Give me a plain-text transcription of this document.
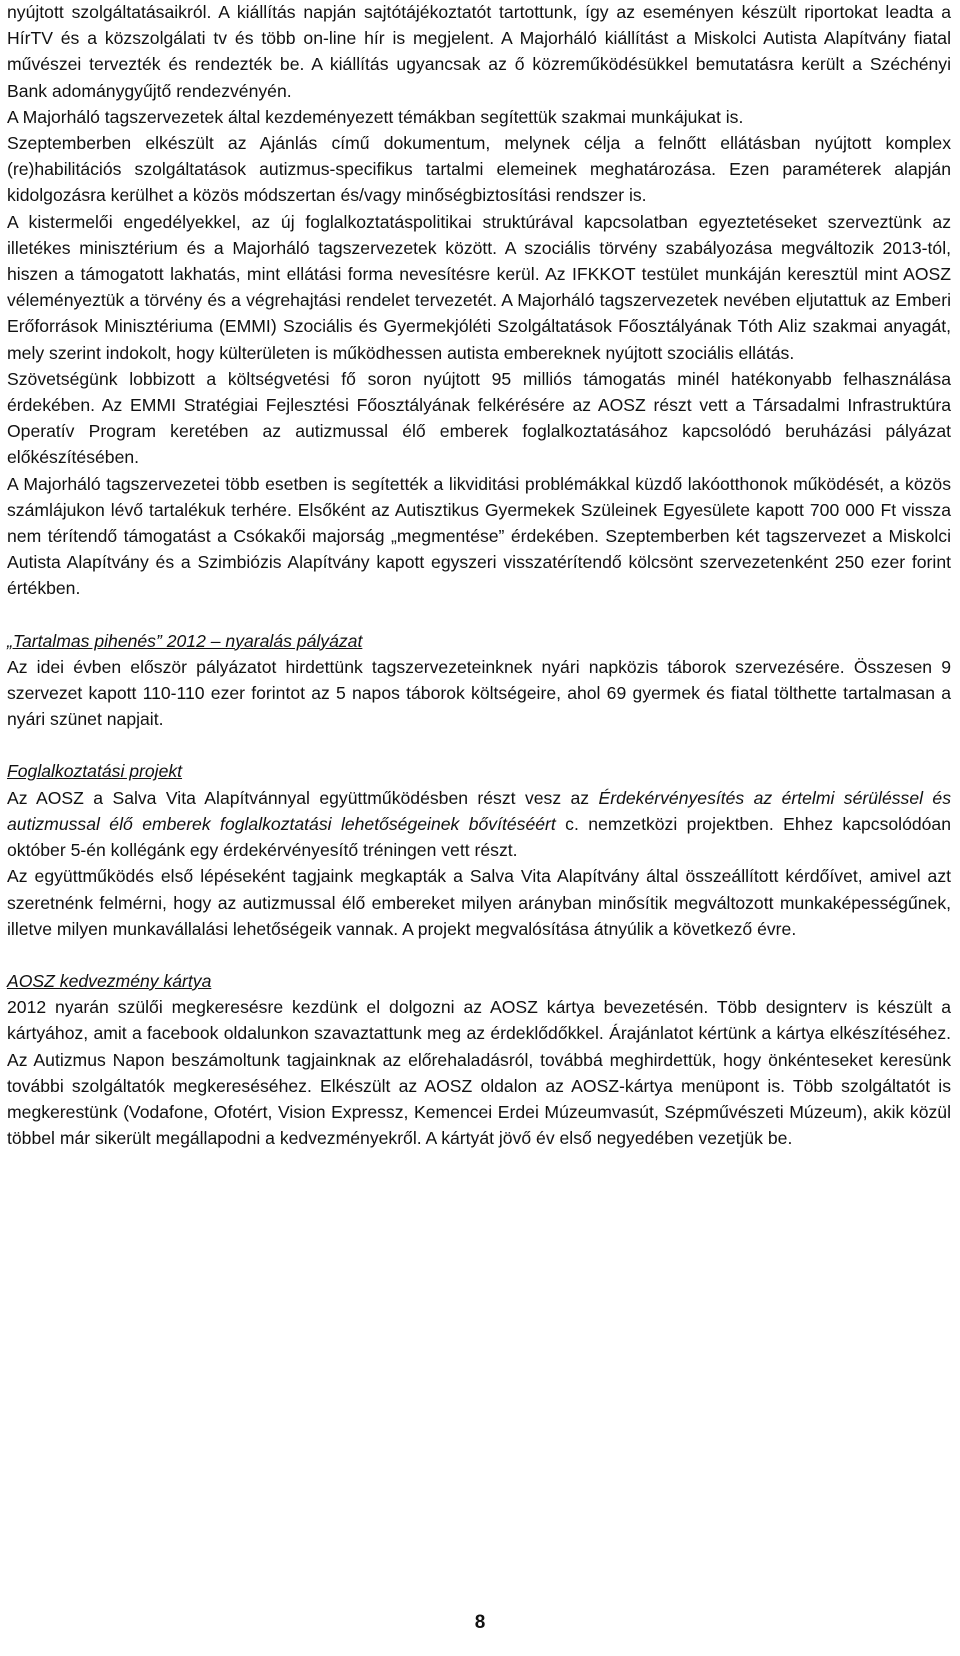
nyújtott szolgáltatásaikról. A kiállítás napján sajtótájékoztatót tartottunk, így az eseményen készült riportokat leadta a HírTV és a közszolgálati tv és több on-line hír is megjelent. A Majorháló kiállítást a Miskolci Autista Alapítvány fiatal művészei tervezték és rendezték be. A kiállítás ugyancsak az ő közreműködésükkel bemutatásra került a Széchényi Bank adománygyűjtő rendezvényén.

A Majorháló tagszervezetek által kezdeményezett témákban segítettük szakmai munkájukat is.

Szeptemberben elkészült az Ajánlás című dokumentum, melynek célja a felnőtt ellátásban nyújtott komplex (re)habilitációs szolgáltatások autizmus-specifikus tartalmi elemeinek meghatározása. Ezen paraméterek alapján kidolgozásra kerülhet a közös módszertan és/vagy minőségbiztosítási rendszer is.

A kistermelői engedélyekkel, az új foglalkoztatáspolitikai struktúrával kapcsolatban egyeztetéseket szerveztünk az illetékes minisztérium és a Majorháló tagszervezetek között. A szociális törvény szabályozása megváltozik 2013-tól, hiszen a támogatott lakhatás, mint ellátási forma nevesítésre kerül. Az IFKKOT testület munkáján keresztül mint AOSZ véleményeztük a törvény és a végrehajtási rendelet tervezetét. A Majorháló tagszervezetek nevében eljutattuk az Emberi Erőforrások Minisztériuma (EMMI) Szociális és Gyermekjóléti Szolgáltatások Főosztályának Tóth Aliz szakmai anyagát, mely szerint indokolt, hogy külterületen is működhessen autista embereknek nyújtott szociális ellátás.

Szövetségünk lobbizott a költségvetési fő soron nyújtott 95 milliós támogatás minél hatékonyabb felhasználása érdekében. Az EMMI Stratégiai Fejlesztési Főosztályának felkérésére az AOSZ részt vett a Társadalmi Infrastruktúra Operatív Program keretében az autizmussal élő emberek foglalkoztatásához kapcsolódó beruházási pályázat előkészítésében.

A Majorháló tagszervezetei több esetben is segítették a likviditási problémákkal küzdő lakóotthonok működését, a közös számlájukon lévő tartalékuk terhére. Elsőként az Autisztikus Gyermekek Szüleinek Egyesülete kapott 700 000 Ft vissza nem térítendő támogatást a Csókakői majorság „megmentése” érdekében. Szeptemberben két tagszervezet a Miskolci Autista Alapítvány és a Szimbiózis Alapítvány kapott egyszeri visszatérítendő kölcsönt szervezetenként 250 ezer forint értékben.

„Tartalmas pihenés” 2012 – nyaralás pályázat

Az idei évben először pályázatot hirdettünk tagszervezeteinknek nyári napközis táborok szervezésére. Összesen 9 szervezet kapott 110-110 ezer forintot az 5 napos táborok költségeire, ahol 69 gyermek és fiatal tölthette tartalmasan a nyári szünet napjait.

Foglalkoztatási projekt

Az AOSZ a Salva Vita Alapítvánnyal együttműködésben részt vesz az Érdekérvényesítés az értelmi sérüléssel és autizmussal élő emberek foglalkoztatási lehetőségeinek bővítéséért c. nemzetközi projektben. Ehhez kapcsolódóan október 5-én kollégánk egy érdekérvényesítő tréningen vett részt.

Az együttműködés első lépéseként tagjaink megkapták a Salva Vita Alapítvány által összeállított kérdőívet, amivel azt szeretnénk felmérni, hogy az autizmussal élő embereket milyen arányban minősítik megváltozott munkaképességűnek, illetve milyen munkavállalási lehetőségeik vannak. A projekt megvalósítása átnyúlik a következő évre.

AOSZ kedvezmény kártya

2012 nyarán szülői megkeresésre kezdünk el dolgozni az AOSZ kártya bevezetésén. Több designterv is készült a kártyához, amit a facebook oldalunkon szavaztattunk meg az érdeklődőkkel. Árajánlatot kértünk a kártya elkészítéséhez. Az Autizmus Napon beszámoltunk tagjainknak az előrehaladásról, továbbá meghirdettük, hogy önkénteseket keresünk további szolgáltatók megkereséséhez. Elkészült az AOSZ oldalon az AOSZ-kártya menüpont is. Több szolgáltatót is megkerestünk (Vodafone, Ofotért, Vision Expressz, Kemencei Erdei Múzeumvasút, Szépművészeti Múzeum), akik közül többel már sikerült megállapodni a kedvezményekről. A kártyát jövő év első negyedében vezetjük be.

8
